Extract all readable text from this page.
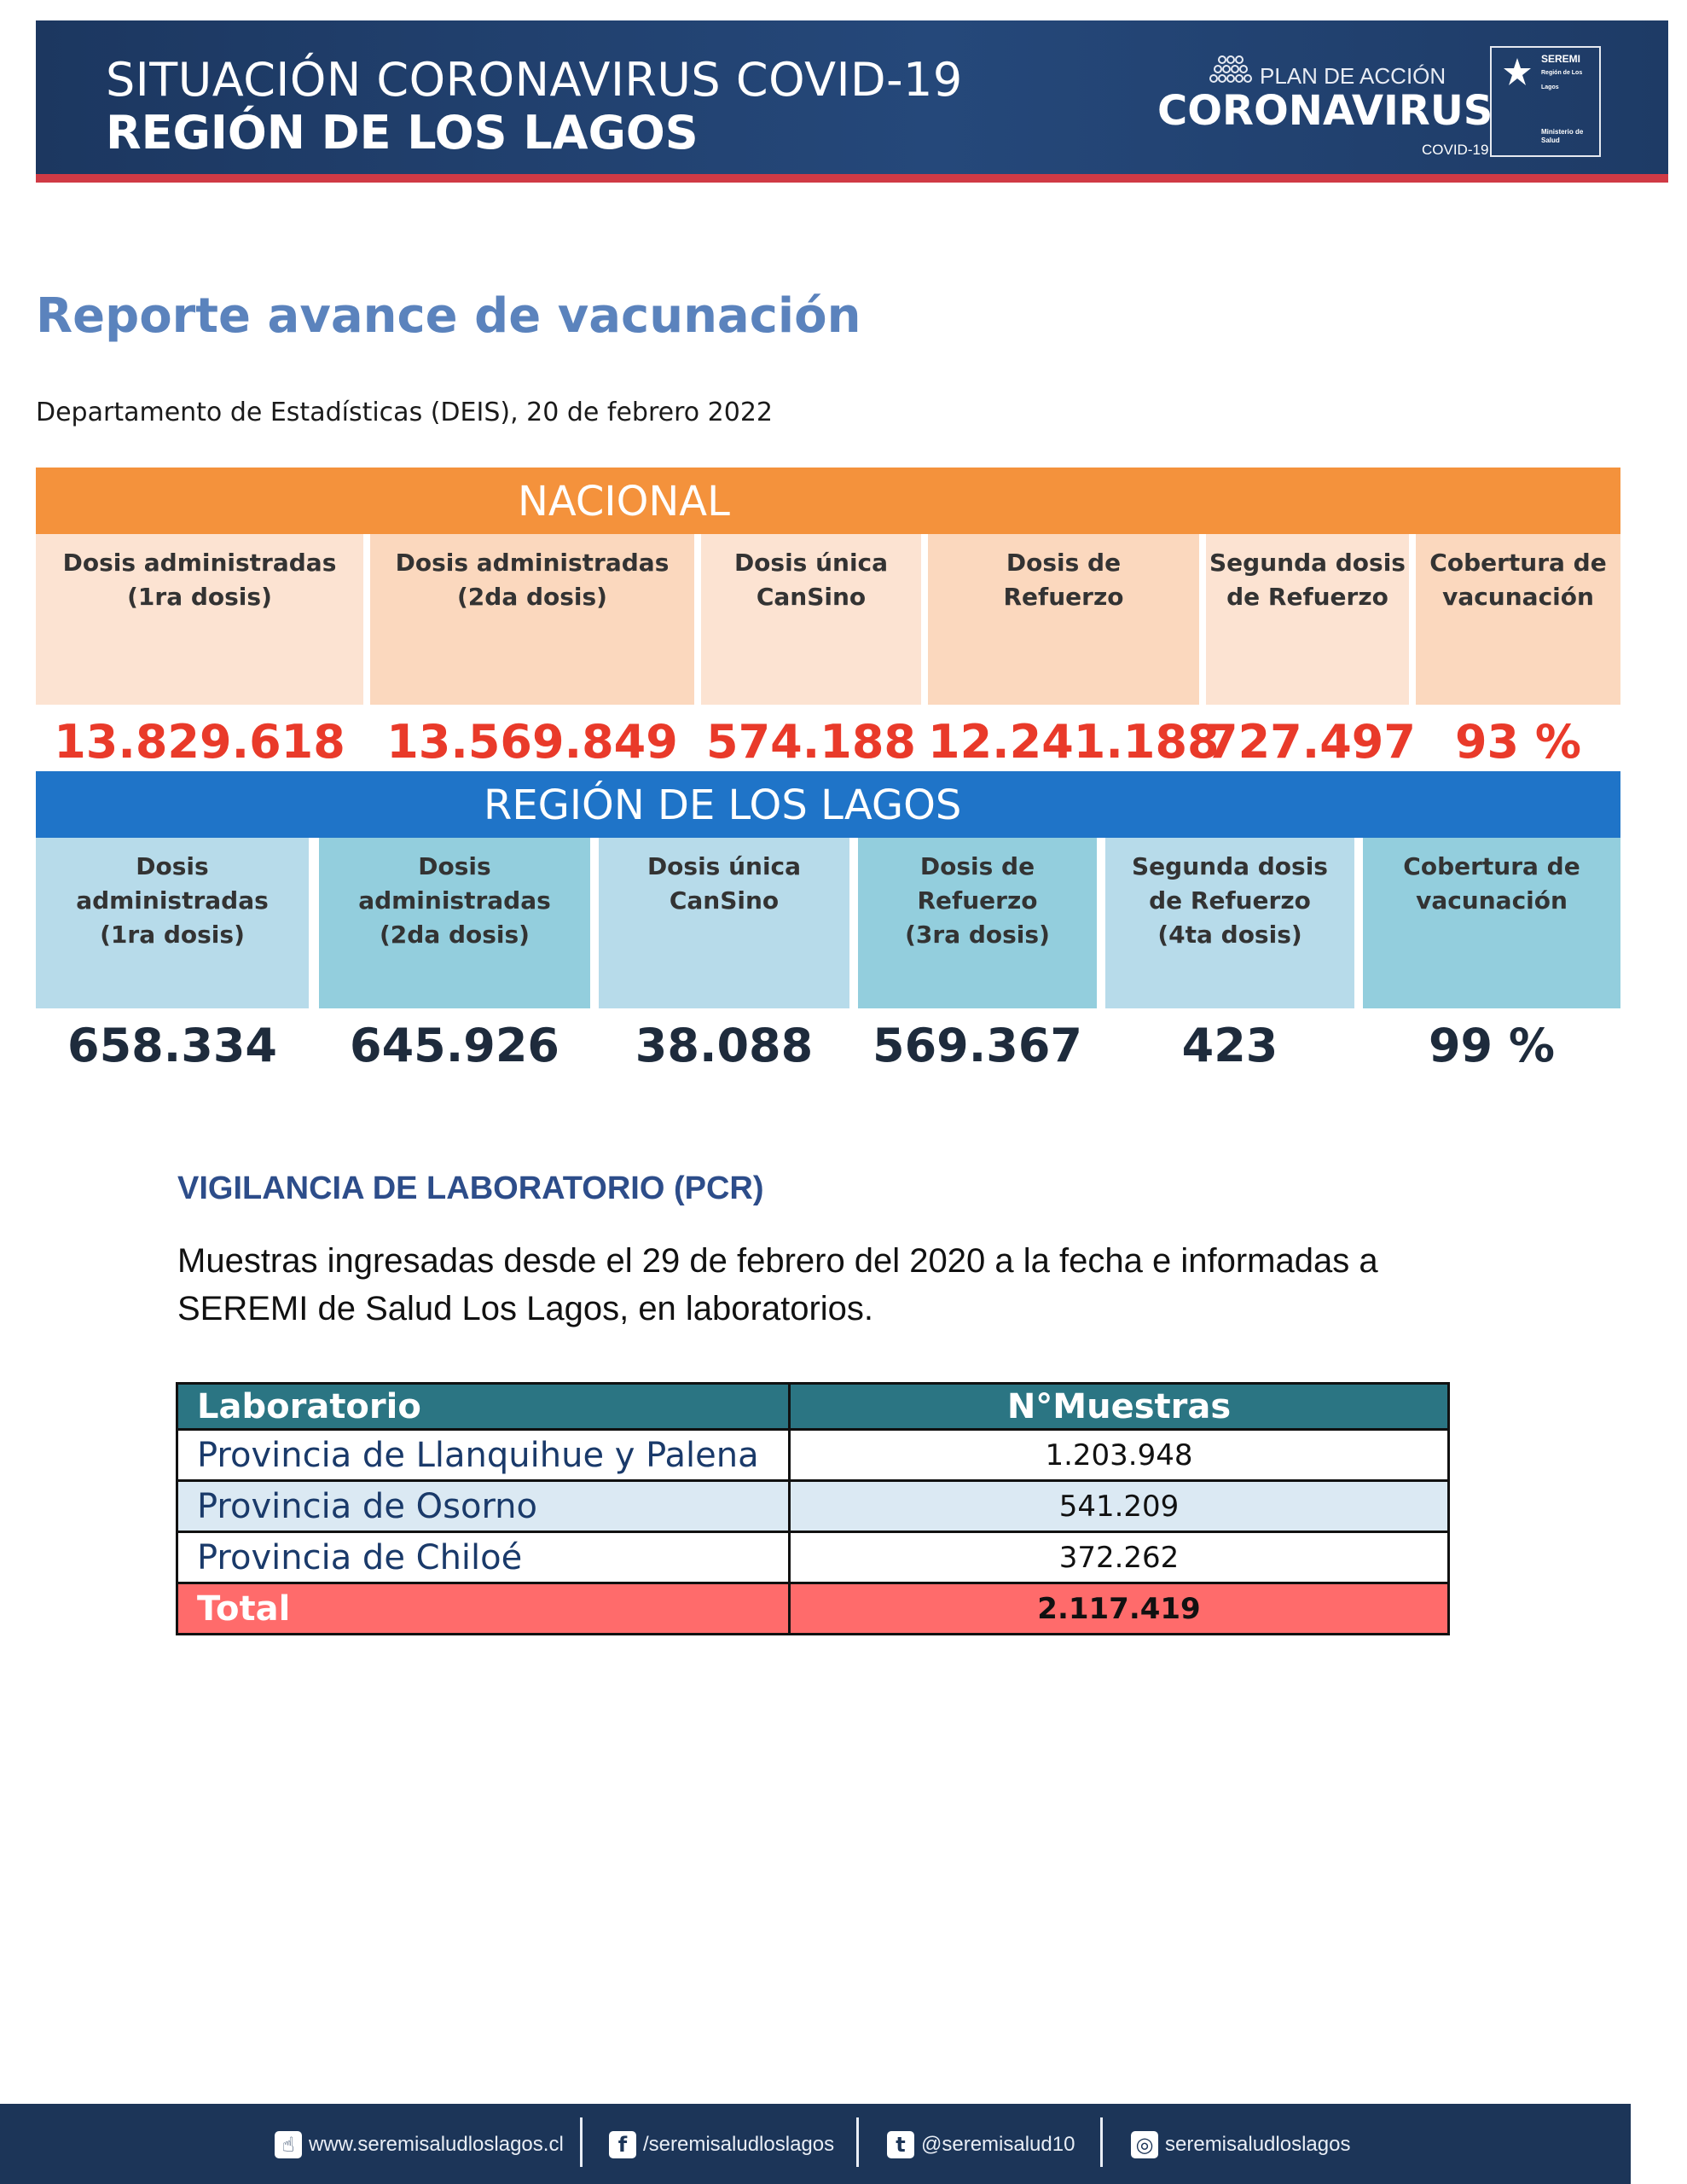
SITUACIÓN CORONAVIRUS COVID-19
REGIÓN DE LOS LAGOS
PLAN DE ACCIÓN
CORONAVIRUS
COVID-19
SEREMI
Región de Los Lagos
Ministerio de Salud
Reporte avance de vacunación
Departamento de Estadísticas (DEIS), 20 de febrero 2022
NACIONAL
Dosis administradas
(1ra dosis)
13.829.618
Dosis administradas
(2da dosis)
13.569.849
Dosis única
CanSino
574.188
Dosis de
Refuerzo
12.241.188
Segunda dosis
de Refuerzo
727.497
Cobertura de
vacunación
93 %
REGIÓN DE LOS LAGOS
Dosis administradas
(1ra dosis)
658.334
Dosis administradas
(2da dosis)
645.926
Dosis única
CanSino
38.088
Dosis de Refuerzo
(3ra dosis)
569.367
Segunda dosis
de Refuerzo
(4ta dosis)
423
Cobertura de
vacunación
99 %
VIGILANCIA DE LABORATORIO (PCR)
Muestras ingresadas desde el 29 de febrero del 2020 a la fecha e informadas a SEREMI de Salud Los Lagos, en laboratorios.
Laboratorio	N°Muestras
Provincia de Llanquihue y Palena	1.203.948
Provincia de Osorno	541.209
Provincia de Chiloé	372.262
Total	2.117.419
☝ www.seremisaludloslagos.cl	f /seremisaludloslagos	t @seremisalud10	◎ seremisaludloslagos
